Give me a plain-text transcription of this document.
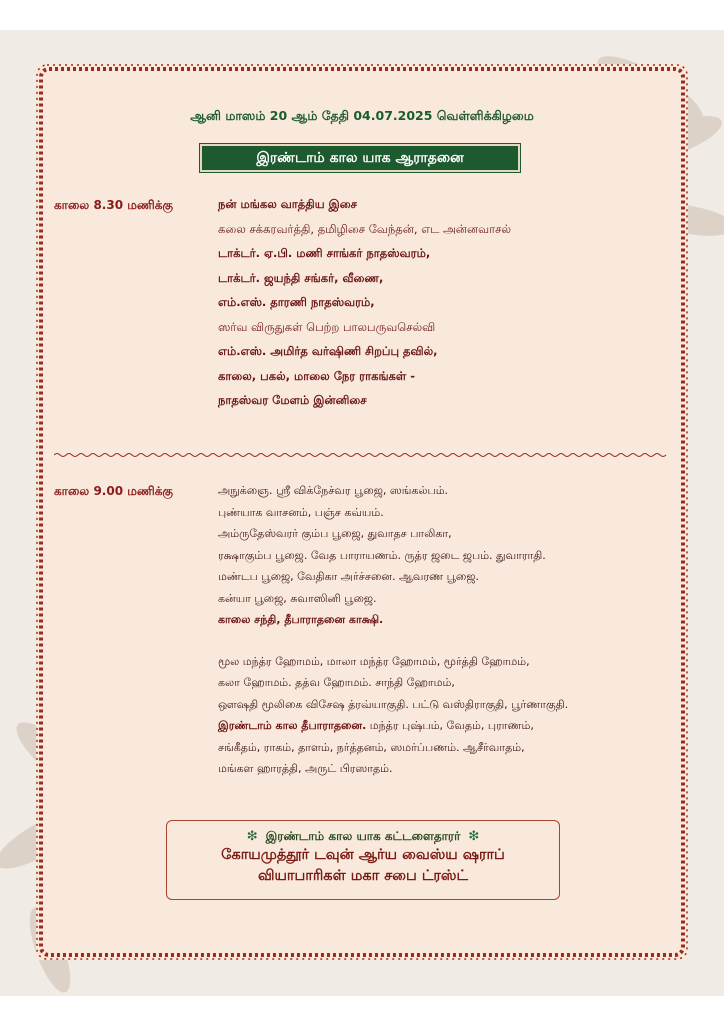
ஆனி மாஸம் 20 ஆம் தேதி 04.07.2025 வெள்ளிக்கிழமை
இரண்டாம் கால யாக ஆராதனை
காலை 8.30 மணிக்கு	நன் மங்கல வாத்திய இசை
கலை சக்கரவர்த்தி, தமிழிசை வேந்தன், எட அன்னவாசல்
டாக்டர். ஏ.பி. மணி சாங்கர் நாதஸ்வரம்,
டாக்டர். ஜயந்தி சங்கர், வீணை,
எம்.எஸ். தாரணி நாதஸ்வரம்,
ஸர்வ விருதுகள் பெற்ற பாலபருவசெல்வி
எம்.எஸ். அமிர்த வர்ஷிணி சிறப்பு தவில்,
காலை, பகல், மாலை நேர ராகங்கள் -
நாதஸ்வர மேளம் இன்னிசை
காலை 9.00 மணிக்கு	அநுக்ஞை. ஸ்ரீ விக்நேச்வர பூஜை, ஸங்கல்பம்.
புண்யாக வாசனம், பஞ்ச கவ்யம்.
அம்ருதேஸ்வரர் கும்ப பூஜை, துவாதச பாலிகா,
ரக்ஷாகும்ப பூஜை. வேத பாராயணம். ருத்ர ஜடை ஜபம். துவாராதி.
மண்டப பூஜை, வேதிகா அர்ச்சனை. ஆவரண பூஜை.
கன்யா பூஜை, சுவாஸினி பூஜை.
காலை சந்தி, தீபாராதனை காக்ஷி.
மூல மந்த்ர ஹோமம், மாலா மந்த்ர ஹோமம், மூர்த்தி ஹோமம்,
கலா ஹோமம். தத்வ ஹோமம். சாந்தி ஹோமம்,
ஔஷதி மூலிகை விசேஷ த்ரவ்யாகுதி. பட்டு வஸ்திராகுதி, பூர்ணாகுதி.
இரண்டாம் கால தீபாராதனை. மந்த்ர புஷ்பம், வேதம், புராணம்,
சங்கீதம், ராகம், தாளம், நர்த்தனம், ஸமர்ப்பணம். ஆசீர்வாதம்,
மங்கள ஹாரத்தி, அருட் பிரஸாதம்.
❇ இரண்டாம் கால யாக கட்டளைதாரர் ❇
கோயமுத்தூர் டவுன் ஆர்ய வைஸ்ய ஷராப்
வியாபாரிகள் மகா சபை ட்ரஸ்ட்
